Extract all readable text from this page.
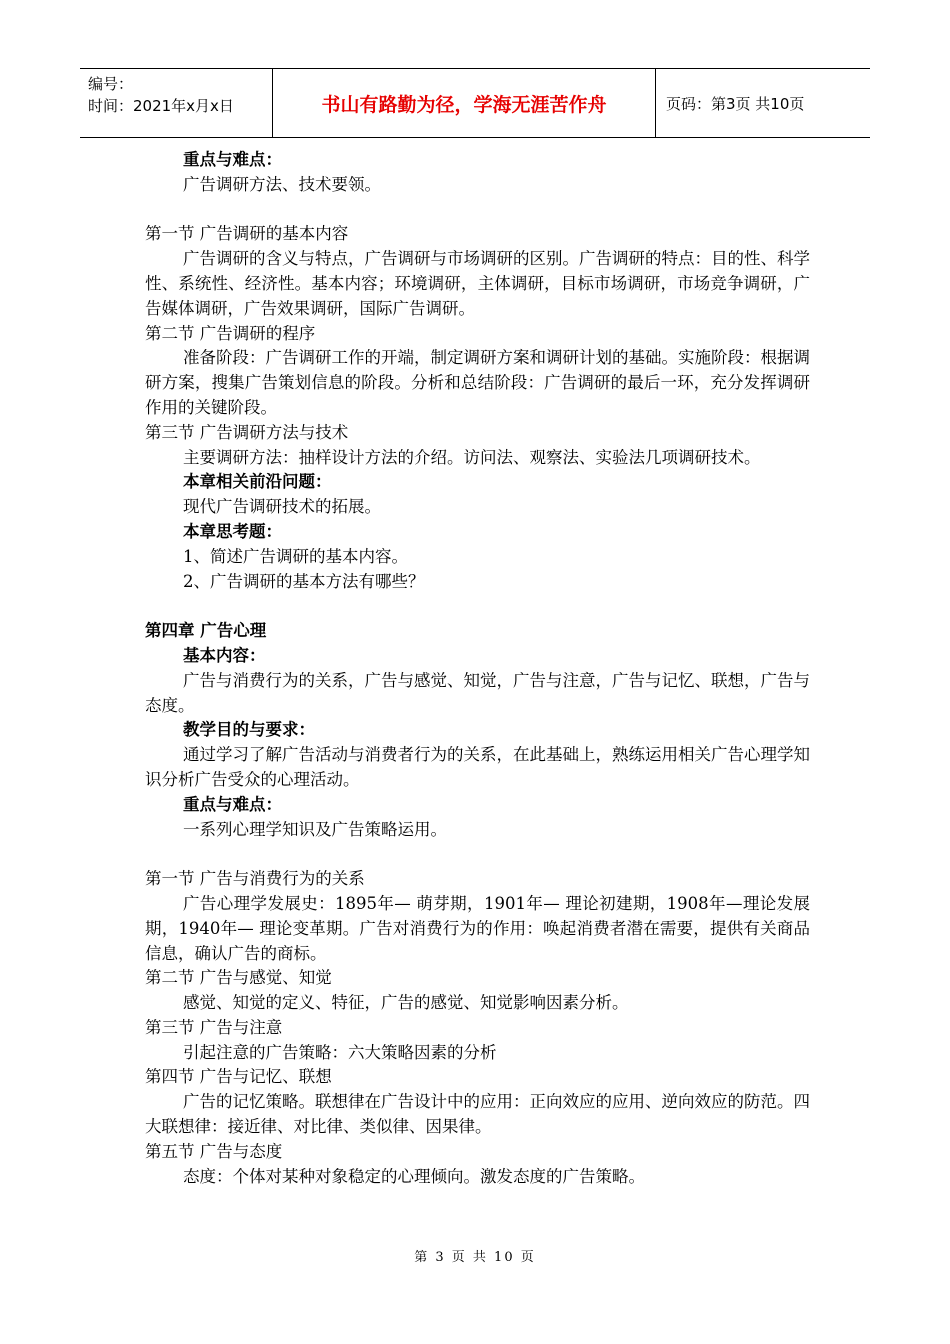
编号：
时间：2021年x月x日	书山有路勤为径，学海无涯苦作舟	页码：第3页 共10页

重点与难点：

广告调研方法、技术要领。

第一节 广告调研的基本内容

广告调研的含义与特点，广告调研与市场调研的区别。广告调研的特点：目的性、科学性、系统性、经济性。基本内容；环境调研，主体调研，目标市场调研，市场竞争调研，广告媒体调研，广告效果调研，国际广告调研。

第二节 广告调研的程序

准备阶段：广告调研工作的开端，制定调研方案和调研计划的基础。实施阶段：根据调研方案，搜集广告策划信息的阶段。分析和总结阶段：广告调研的最后一环，充分发挥调研作用的关键阶段。

第三节 广告调研方法与技术

主要调研方法：抽样设计方法的介绍。访问法、观察法、实验法几项调研技术。

本章相关前沿问题：

现代广告调研技术的拓展。

本章思考题：

1、简述广告调研的基本内容。

2、广告调研的基本方法有哪些？

第四章 广告心理

基本内容：

广告与消费行为的关系，广告与感觉、知觉，广告与注意，广告与记忆、联想，广告与态度。

教学目的与要求：

通过学习了解广告活动与消费者行为的关系，在此基础上，熟练运用相关广告心理学知识分析广告受众的心理活动。

重点与难点：

一系列心理学知识及广告策略运用。

第一节 广告与消费行为的关系

广告心理学发展史：1895年— 萌芽期，1901年— 理论初建期，1908年—理论发展期，1940年— 理论变革期。广告对消费行为的作用：唤起消费者潜在需要，提供有关商品信息，确认广告的商标。

第二节 广告与感觉、知觉

感觉、知觉的定义、特征，广告的感觉、知觉影响因素分析。

第三节 广告与注意

引起注意的广告策略：六大策略因素的分析

第四节 广告与记忆、联想

广告的记忆策略。联想律在广告设计中的应用：正向效应的应用、逆向效应的防范。四大联想律：接近律、对比律、类似律、因果律。

第五节 广告与态度

态度：个体对某种对象稳定的心理倾向。激发态度的广告策略。

第 3 页 共 10 页
